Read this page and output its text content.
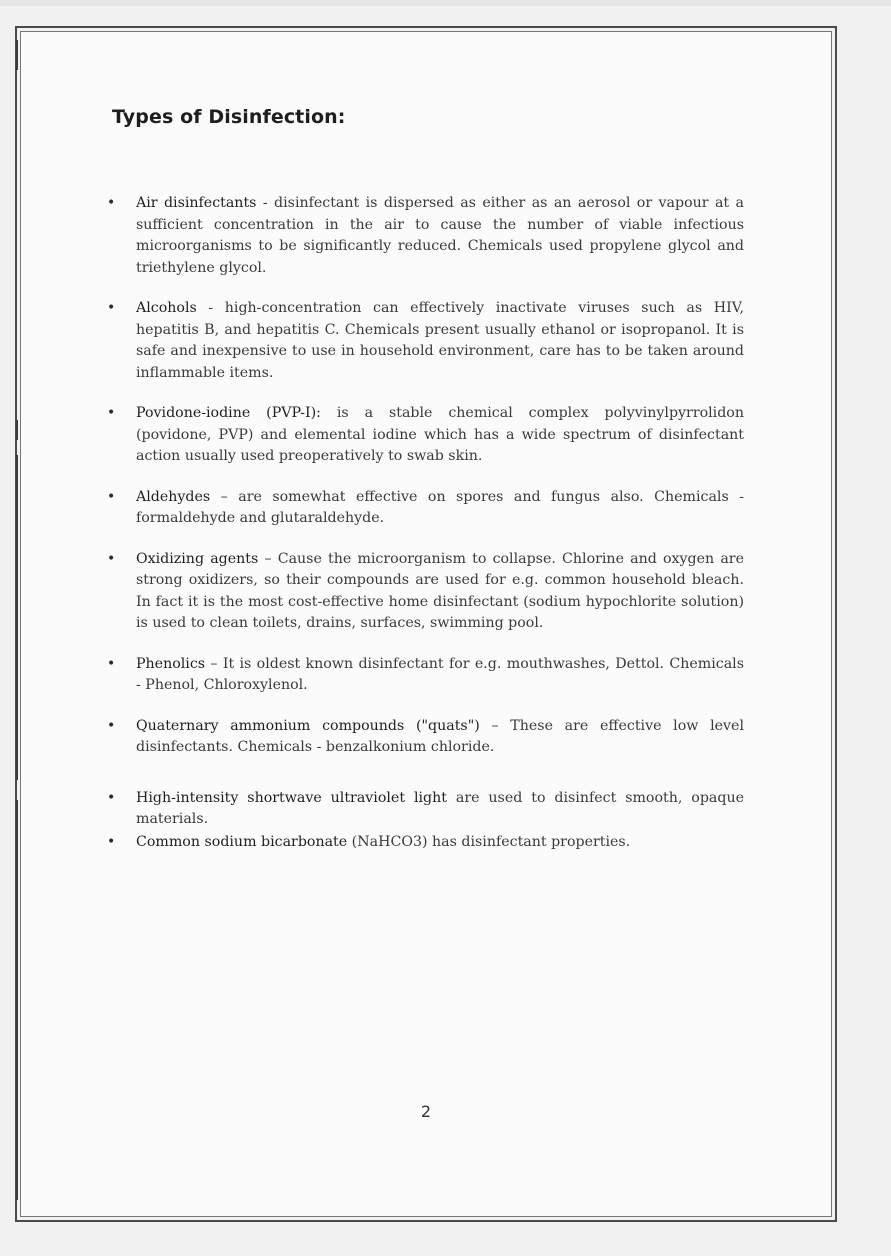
Types of Disinfection:
• Air disinfectants - disinfectant is dispersed as either as an aerosol or vapour at a sufficient concentration in the air to cause the number of viable infectious microorganisms to be significantly reduced. Chemicals used propylene glycol and triethylene glycol.
• Alcohols - high-concentration can effectively inactivate viruses such as HIV, hepatitis B, and hepatitis C. Chemicals present usually ethanol or isopropanol. It is safe and inexpensive to use in household environment, care has to be taken around inflammable items.
• Povidone-iodine (PVP-I): is a stable chemical complex polyvinylpyrrolidon (povidone, PVP) and elemental iodine which has a wide spectrum of disinfectant action usually used preoperatively to swab skin.
• Aldehydes – are somewhat effective on spores and fungus also. Chemicals - formaldehyde and glutaraldehyde.
• Oxidizing agents – Cause the microorganism to collapse. Chlorine and oxygen are strong oxidizers, so their compounds are used for e.g. common household bleach. In fact it is the most cost-effective home disinfectant (sodium hypochlorite solution) is used to clean toilets, drains, surfaces, swimming pool.
• Phenolics – It is oldest known disinfectant for e.g. mouthwashes, Dettol. Chemicals - Phenol, Chloroxylenol.
• Quaternary ammonium compounds ("quats") – These are effective low level disinfectants. Chemicals - benzalkonium chloride.
• High-intensity shortwave ultraviolet light are used to disinfect smooth, opaque materials.
• Common sodium bicarbonate (NaHCO3) has disinfectant properties.
2
